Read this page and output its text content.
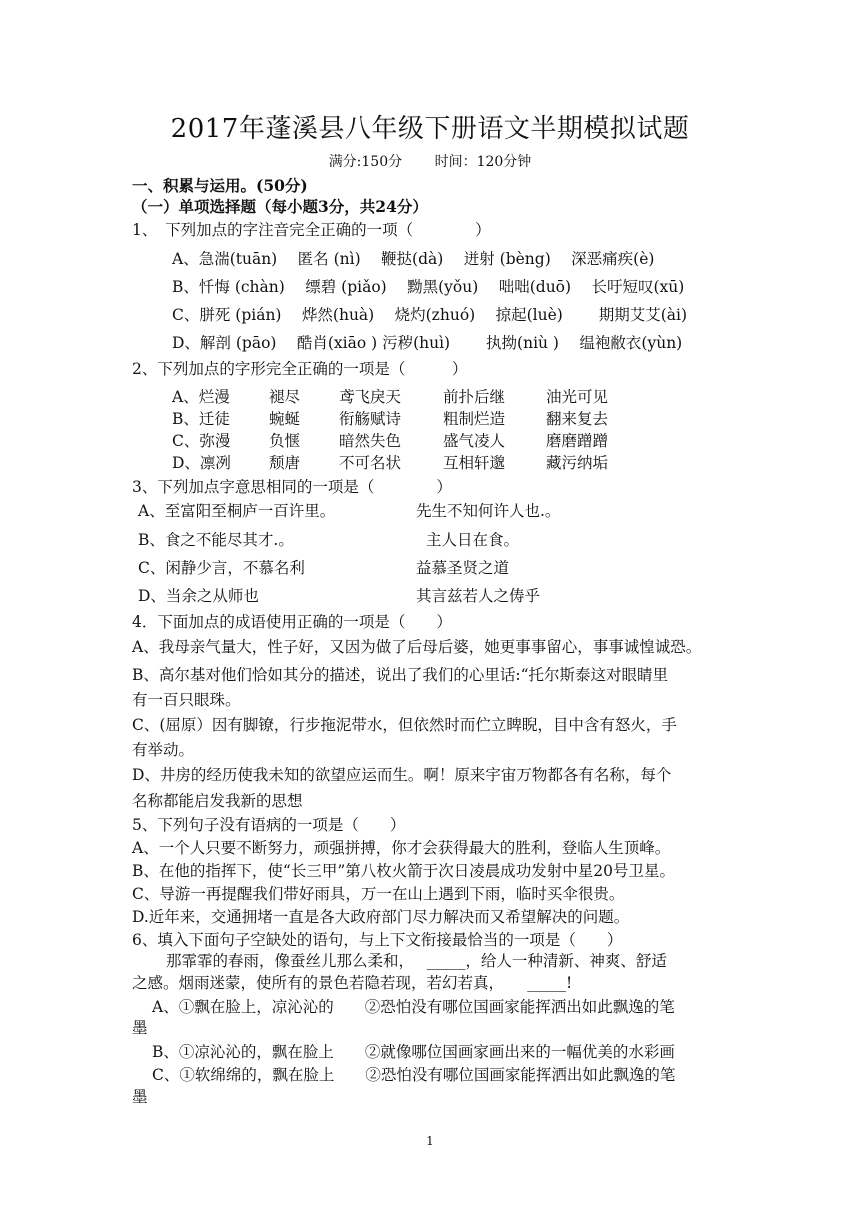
2017年蓬溪县八年级下册语文半期模拟试题
满分:150分　　 时间：120分钟
一、积累与运用。(50分)
（一）单项选择题（每小题3分，共24分）
1、　下列加点的字注音完全正确的一项（　　　　）
A、急湍(tuān)　 匿名 (nì)　 鞭挞(dà)　 迸射 (bèng)　 深恶痛疾(è)
B、忏悔 (chàn)　 缥碧 (piǎo)　 黝黑(yǒu)　 咄咄(duō)　 长吁短叹(xū)
C、胼死 (pián)　 烨然(huà)　 烧灼(zhuó)　 掠起(luè)　　 期期艾艾(ài)
D、解剖 (pāo)　 酷肖(xiāo ) 污秽(huì)　　 执拗(niù )　 缊袍敝衣(yùn)
2、下列加点的字形完全正确的一项是（　　　）
A、烂漫	褪尽	鸢飞戾天	前扑后继	油光可见
B、迁徒	蜿蜒	衔觞赋诗	粗制烂造	翻来复去
C、弥漫 负惬	暗然失色	盛气凌人	磨磨蹭蹭
D、凛冽 颓唐	不可名状	互相轩邈	藏污纳垢
3、下列加点字意思相同的一项是（　　　　）
A、至富阳至桐庐一百许里。	先生不知何许人也.。
B、食之不能尽其才.。	主人日在食。
C、闲静少言，不慕名利	益慕圣贤之道
D、当余之从师也	其言兹若人之俦乎
4．下面加点的成语使用正确的一项是（　　）
A、我母亲气量大，性子好，又因为做了后母后婆，她更事事留心，事事诚惶诚恐。
B、高尔基对他们恰如其分的描述，说出了我们的心里话:“托尔斯泰这对眼睛里
有一百只眼珠。
C、(屈原）因有脚镣，行步拖泥带水，但依然时而伫立睥睨，目中含有怒火，手
有举动。
D、井房的经历使我未知的欲望应运而生。啊！原来宇宙万物都各有名称，每个
名称都能启发我新的思想
5、下列句子没有语病的一项是（　　）
A、一个人只要不断努力，顽强拼搏，你才会获得最大的胜利，登临人生顶峰。
B、在他的指挥下，使“长三甲”第八枚火箭于次日凌晨成功发射中星20号卫星。
C、导游一再提醒我们带好雨具，万一在山上遇到下雨，临时买伞很贵。
D.近年来，交通拥堵一直是各大政府部门尽力解决而又希望解决的问题。
6、填入下面句子空缺处的语句，与上下文衔接最恰当的一项是（　　）
那霏霏的春雨，像蚕丝儿那么柔和，　 _____，给人一种清新、神爽、舒适
之感。烟雨迷蒙，使所有的景色若隐若现，若幻若真，　　_____!
A、①飘在脸上，凉沁沁的　　②恐怕没有哪位国画家能挥洒出如此飘逸的笔
墨
B、①凉沁沁的，飘在脸上　　②就像哪位国画家画出来的一幅优美的水彩画
C、①软绵绵的，飘在脸上　　②恐怕没有哪位国画家能挥洒出如此飘逸的笔
墨
1
